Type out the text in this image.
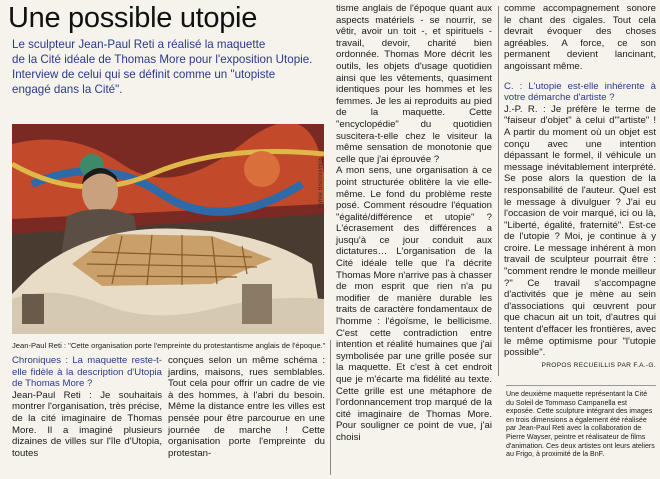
Une possible utopie

Le sculpteur Jean-Paul Reti a réalisé la maquette

de la Cité idéale de Thomas More pour l'exposition Utopie.

Interview de celui qui se définit comme un "utopiste

engagé dans la Cité".

Sylvie Biscioni/BnF
Jean-Paul Reti : "Cette organisation porte l'empreinte du protestantisme anglais de l'époque."

Chroniques : La maquette reste-t-elle fidèle à la description d'Utopia de Thomas More ?

Jean-Paul Reti : Je souhaitais montrer l'organisation, très précise, de la cité imaginaire de Thomas More. Il a imaginé plusieurs dizaines de villes sur l'île d'Utopia, toutes

conçues selon un même schéma : jardins, maisons, rues semblables. Tout cela pour offrir un cadre de vie à des hommes, à l'abri du besoin. Même la distance entre les villes est pensée pour être parcourue en une journée de marche ! Cette organisation porte l'empreinte du protestan-

tisme anglais de l'époque quant aux aspects matériels - se nourrir, se vêtir, avoir un toit -, et spirituels - travail, devoir, charité bien ordonnée. Thomas More décrit les outils, les objets d'usage quotidien ainsi que les vêtements, quasiment identiques pour les hommes et les femmes. Je les ai reproduits au pied de la maquette. Cette "encyclopédie" du quotidien suscitera-t-elle chez le visiteur la même sensation de monotonie que celle que j'ai éprouvée ?

A mon sens, une organisation à ce point structurée oblitère la vie elle-même. Le fond du problème reste posé. Comment résoudre l'équation "égalité/différence et utopie" ? L'écrasement des différences a jusqu'à ce jour conduit aux dictatures… L'organisation de la Cité idéale telle que l'a décrite Thomas More n'arrive pas à chasser de mon esprit que rien n'a pu modifier de manière durable les traits de caractère fondamentaux de l'homme : l'égoïsme, le bellicisme. C'est cette contradiction entre intention et réalité humaines que j'ai symbolisée par une grille posée sur la maquette. Et c'est à cet endroit que je m'écarte ma fidélité au texte. Cette grille est une métaphore de l'ordonnancement trop marqué de la cité imaginaire de Thomas More. Pour souligner ce point de vue, j'ai choisi

comme accompagnement sonore le chant des cigales. Tout cela devrait évoquer des choses agréables. A force, ce son permanent devient lancinant, angoissant même.

C. : L'utopie est-elle inhérente à votre démarche d'artiste ?

J.-P. R. : Je préfère le terme de "faiseur d'objet" à celui d'"artiste" ! A partir du moment où un objet est conçu avec une intention dépassant le formel, il véhicule un message inévitablement interprété. Se pose alors la question de la responsabilité de l'auteur. Quel est le message à divulguer ? J'ai eu l'occasion de voir marqué, ici ou là, "Liberté, égalité, fraternité". Est-ce de l'utopie ? Moi, je continue à y croire. Le message inhérent à mon travail de sculpteur pourrait être : "comment rendre le monde meilleur ?" Ce travail s'accompagne d'activités que je mène au sein d'associations qui œuvrent pour que chacun ait un toit, d'autres qui tentent d'effacer les frontières, avec le même optimisme pour "l'utopie possible".

PROPOS RECUEILLIS PAR F.A.-G.
Une deuxième maquette représentant la Cité du Soleil de Tommaso Campanella est exposée. Cette sculpture intégrant des images en trois dimensions a également été réalisée par Jean-Paul Reti avec la collaboration de Pierre Wayser, peintre et réalisateur de films d'animation. Ces deux artistes ont leurs ateliers au Frigo, à proximité de la BnF.
